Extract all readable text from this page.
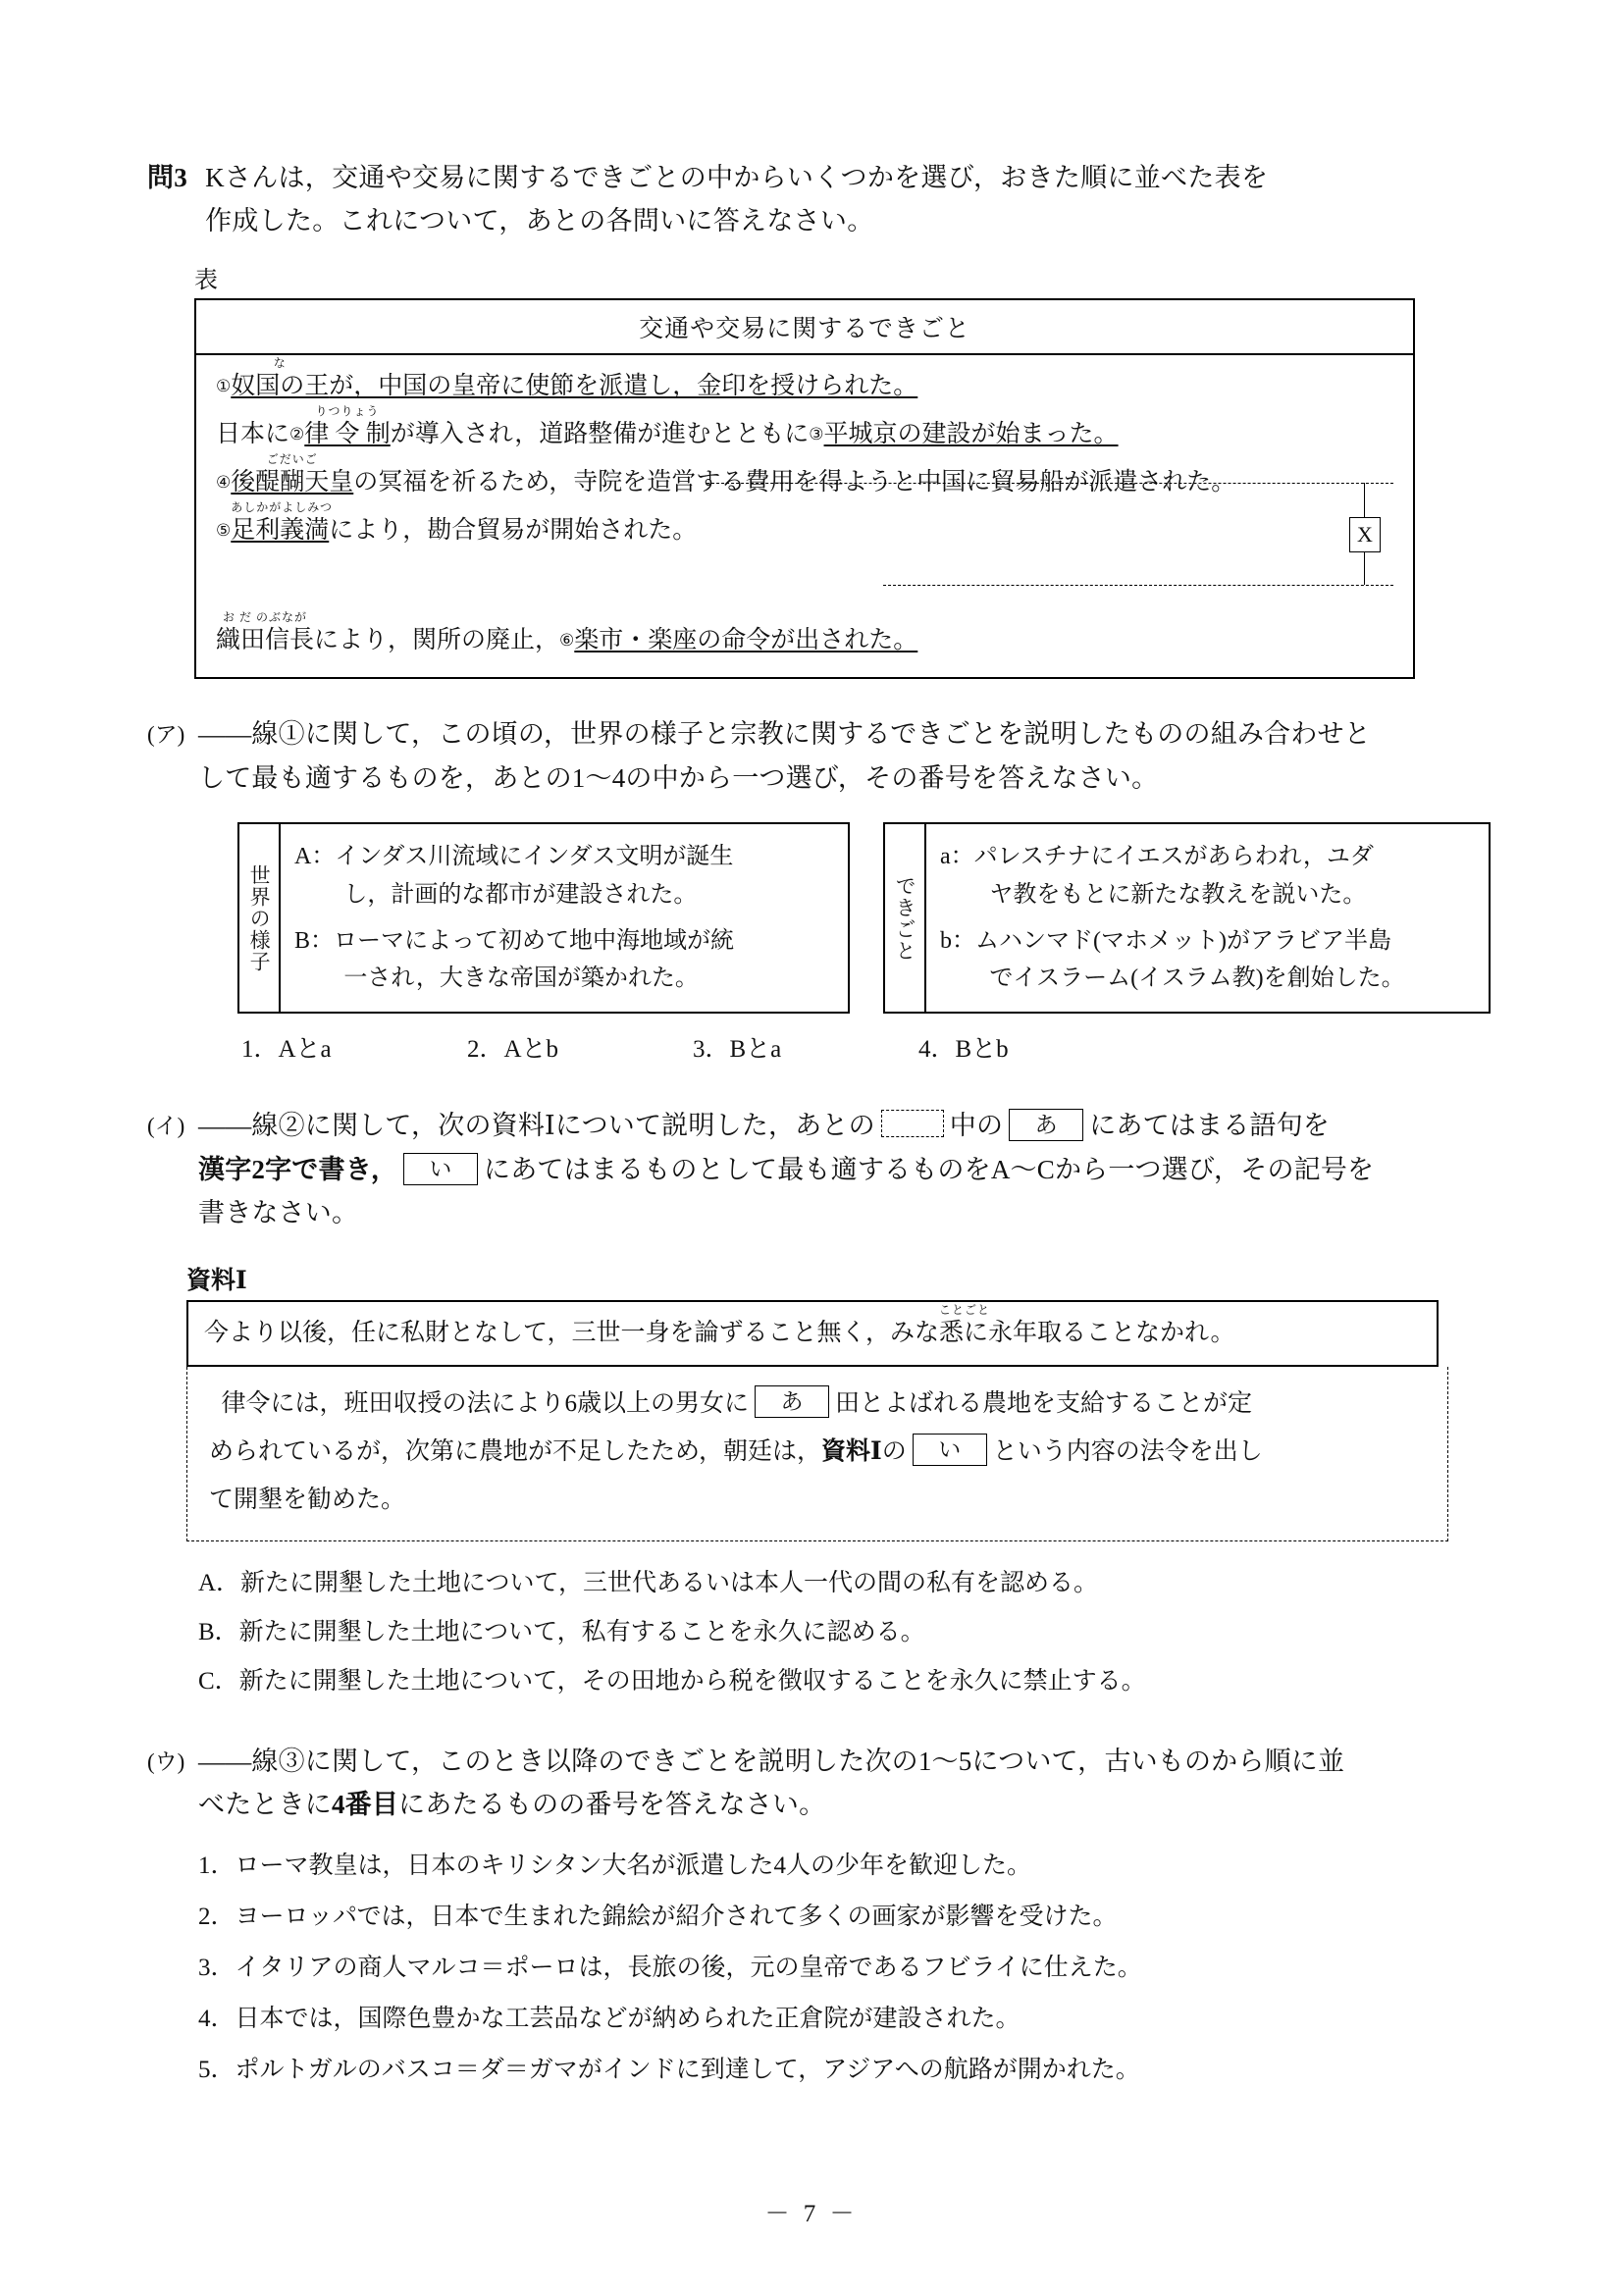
問3 Kさんは，交通や交易に関するできごとの中からいくつかを選び，おきた順に並べた表を
作成した。これについて，あとの各問いに答えなさい。
表
交通や交易に関するできごと
①
な
奴国の王が，中国の皇帝に使節を派遣し，金印を授けられた。
日本に②
りつりょう
律 令 制が導入され，道路整備が進むとともに③平城京の建設が始まった。
④
ごだいご
後醍醐天皇の冥福を祈るため，寺院を造営する費用を得ようと中国に貿易船が派遣された。
⑤
あしかがよしみつ
足利義満により，勘合貿易が開始された。
お だ のぶなが
織田信長により，関所の廃止，⑥楽市・楽座の命令が出された。
X
(ア) ——線①に関して，この頃の，世界の様子と宗教に関するできごとを説明したものの組み合わせと
して最も適するものを，あとの1～4の中から一つ選び，その番号を答えなさい。
世界の様子
A：インダス川流域にインダス文明が誕生
し，計画的な都市が建設された。
B：ローマによって初めて地中海地域が統
一され，大きな帝国が築かれた。
できごと
a：パレスチナにイエスがあらわれ，ユダ
ヤ教をもとに新たな教えを説いた。
b：ムハンマド(マホメット)がアラビア半島
でイスラーム(イスラム教)を創始した。
1．Aとa	2．Aとb	3．Bとa	4．Bとb
(イ) ——線②に関して，次の資料Ⅰについて説明した，あとの	中の あ にあてはまる語句を
漢字2字で書き， い にあてはまるものとして最も適するものをA～Cから一つ選び，その記号を
書きなさい。
資料Ⅰ
今より以後，任に私財となして，三世一身を論ずること無く，みな
ことごと
悉に永年取ることなかれ。
律令には，班田収授の法により6歳以上の男女に あ 田とよばれる農地を支給することが定
められているが，次第に農地が不足したため，朝廷は，資料Ⅰの い という内容の法令を出し
て開墾を勧めた。
A．新たに開墾した土地について，三世代あるいは本人一代の間の私有を認める。
B．新たに開墾した土地について，私有することを永久に認める。
C．新たに開墾した土地について，その田地から税を徴収することを永久に禁止する。
(ウ) ——線③に関して，このとき以降のできごとを説明した次の1～5について，古いものから順に並
べたときに4番目にあたるものの番号を答えなさい。
1．ローマ教皇は，日本のキリシタン大名が派遣した4人の少年を歓迎した。
2．ヨーロッパでは，日本で生まれた錦絵が紹介されて多くの画家が影響を受けた。
3．イタリアの商人マルコ＝ポーロは，長旅の後，元の皇帝であるフビライに仕えた。
4．日本では，国際色豊かな工芸品などが納められた正倉院が建設された。
5．ポルトガルのバスコ＝ダ＝ガマがインドに到達して，アジアへの航路が開かれた。
－ 7 －
